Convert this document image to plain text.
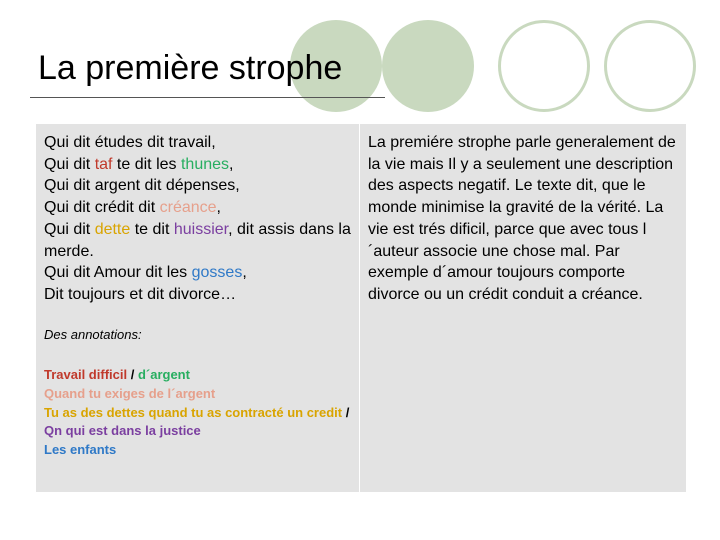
La première strophe
Qui dit études dit travail,
Qui dit taf te dit les thunes,
Qui dit argent dit dépenses,
Qui dit crédit dit créance,
Qui dit dette te dit huissier, dit assis dans la merde.
Qui dit Amour dit les gosses,
Dit toujours et dit divorce…
Des annotations:
Travail difficil / d´argent
Quand tu exiges de l´argent
Tu as des dettes quand tu as contracté un credit / Qn qui est dans la justice
Les enfants
La premiére strophe parle generalement de la vie mais Il y a seulement une description des aspects negatif. Le texte dit, que le monde minimise la gravité de la vérité. La vie est trés dificil, parce que avec tous l´auteur associe une chose mal. Par exemple d´amour toujours comporte divorce ou un crédit conduit a créance.
